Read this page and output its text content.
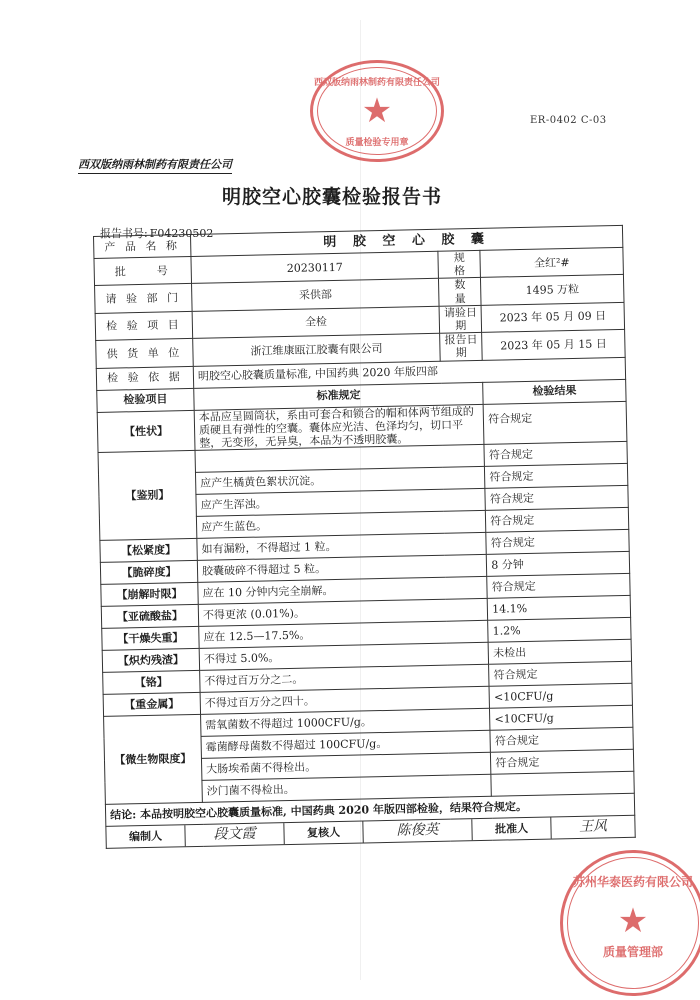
ER-0402 C-03
西双版纳雨林制药有限责任公司
明胶空心胶囊检验报告书
报告书号: F04230502
西双版纳雨林制药有限责任公司
★
质量检验专用章
产 品 名 称	明 胶 空 心 胶 囊
批　　号	20230117	规　　格	全红²#
请 验 部 门	采供部	数　　量	1495 万粒
检 验 项 目	全检	请验日期	2023 年 05 月 09 日
供 货 单 位	浙江维康瓯江胶囊有限公司	报告日期	2023 年 05 月 15 日
检 验 依 据	明胶空心胶囊质量标准, 中国药典 2020 年版四部
检验项目	标准规定	检验结果
【性状】	本品应呈圆筒状，系由可套合和锁合的帽和体两节组成的质硬且有弹性的空囊。囊体应光洁、色泽均匀，切口平整，无变形，无异臭，本品为不透明胶囊。	符合规定
【鉴别】		符合规定
应产生橘黄色絮状沉淀。	符合规定
应产生浑浊。	符合规定
应产生蓝色。	符合规定
【松紧度】	如有漏粉，不得超过 1 粒。	符合规定
【脆碎度】	胶囊破碎不得超过 5 粒。	8 分钟
【崩解时限】	应在 10 分钟内完全崩解。	符合规定
【亚硫酸盐】	不得更浓 (0.01%)。	14.1%
【干燥失重】	应在 12.5—17.5%。	1.2%
【炽灼残渣】	不得过 5.0%。	未检出
【铬】	不得过百万分之二。	符合规定
【重金属】	不得过百万分之四十。	<10CFU/g
【微生物限度】	需氧菌数不得超过 1000CFU/g。	<10CFU/g
霉菌酵母菌数不得超过 100CFU/g。	符合规定
大肠埃希菌不得检出。	符合规定
沙门菌不得检出。	
结论: 本品按明胶空心胶囊质量标准, 中国药典 2020 年版四部检验，结果符合规定。

编制人	段文霞	复核人	陈俊英	批准人	王风
苏州华泰医药有限公司
★
质量管理部
